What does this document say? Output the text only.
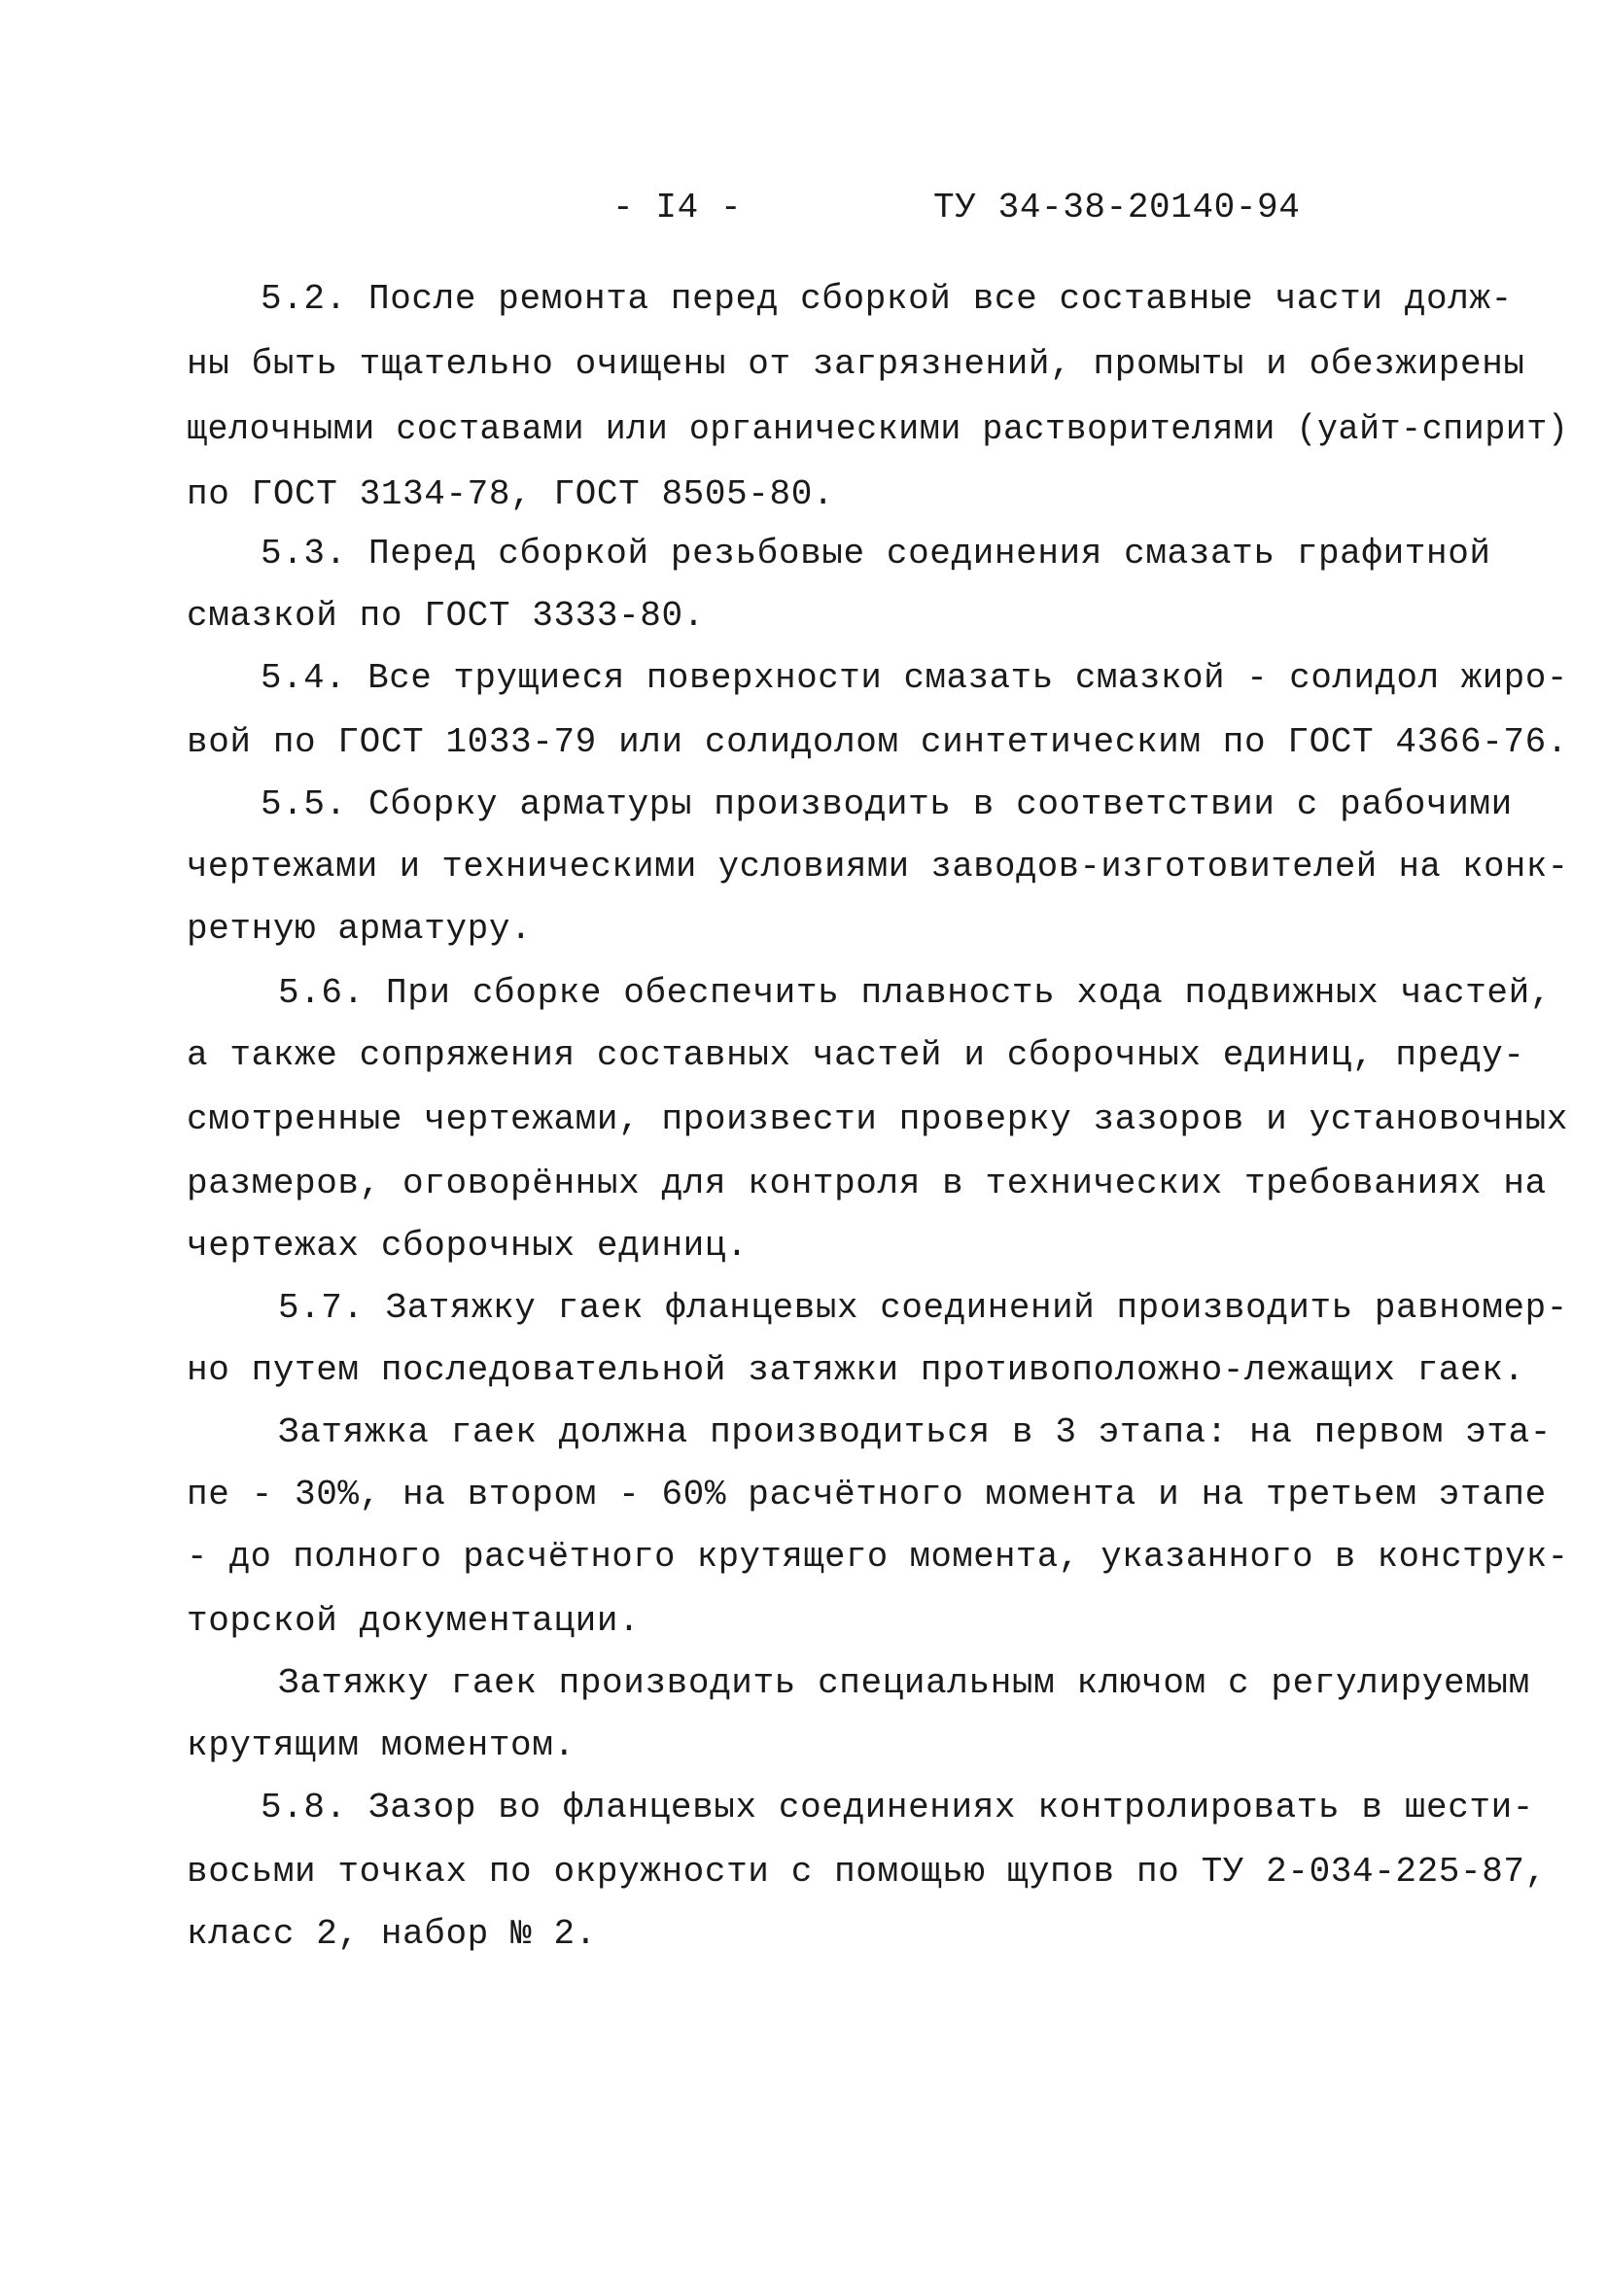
- I4 -	ТУ 34-38-20140-94
5.2. После ремонта перед сборкой все составные части долж-
ны быть тщательно очищены от загрязнений, промыты и обезжирены
щелочными составами или органическими растворителями (уайт-спирит)
по ГОСТ 3134-78, ГОСТ 8505-80.
5.3. Перед сборкой резьбовые соединения смазать графитной
смазкой по ГОСТ 3333-80.
5.4. Все трущиеся поверхности смазать смазкой - солидол жиро-
вой по ГОСТ 1033-79 или солидолом синтетическим по ГОСТ 4366-76.
5.5. Сборку арматуры производить в соответствии с рабочими
чертежами и техническими условиями заводов-изготовителей на конк-
ретную арматуру.
5.6. При сборке обеспечить плавность хода подвижных частей,
а также сопряжения составных частей и сборочных единиц, преду-
смотренные чертежами, произвести проверку зазоров и установочных
размеров, оговорённых для контроля в технических требованиях на
чертежах сборочных единиц.
5.7. Затяжку гаек фланцевых соединений производить равномер-
но путем последовательной затяжки противоположно-лежащих гаек.
Затяжка гаек должна производиться в 3 этапа: на первом эта-
пе - 30%, на втором - 60% расчётного момента и на третьем этапе
- до полного расчётного крутящего момента, указанного в конструк-
торской документации.
Затяжку гаек производить специальным ключом с регулируемым
крутящим моментом.
5.8. Зазор во фланцевых соединениях контролировать в шести-
восьми точках по окружности с помощью щупов по ТУ 2-034-225-87,
класс 2, набор № 2.
